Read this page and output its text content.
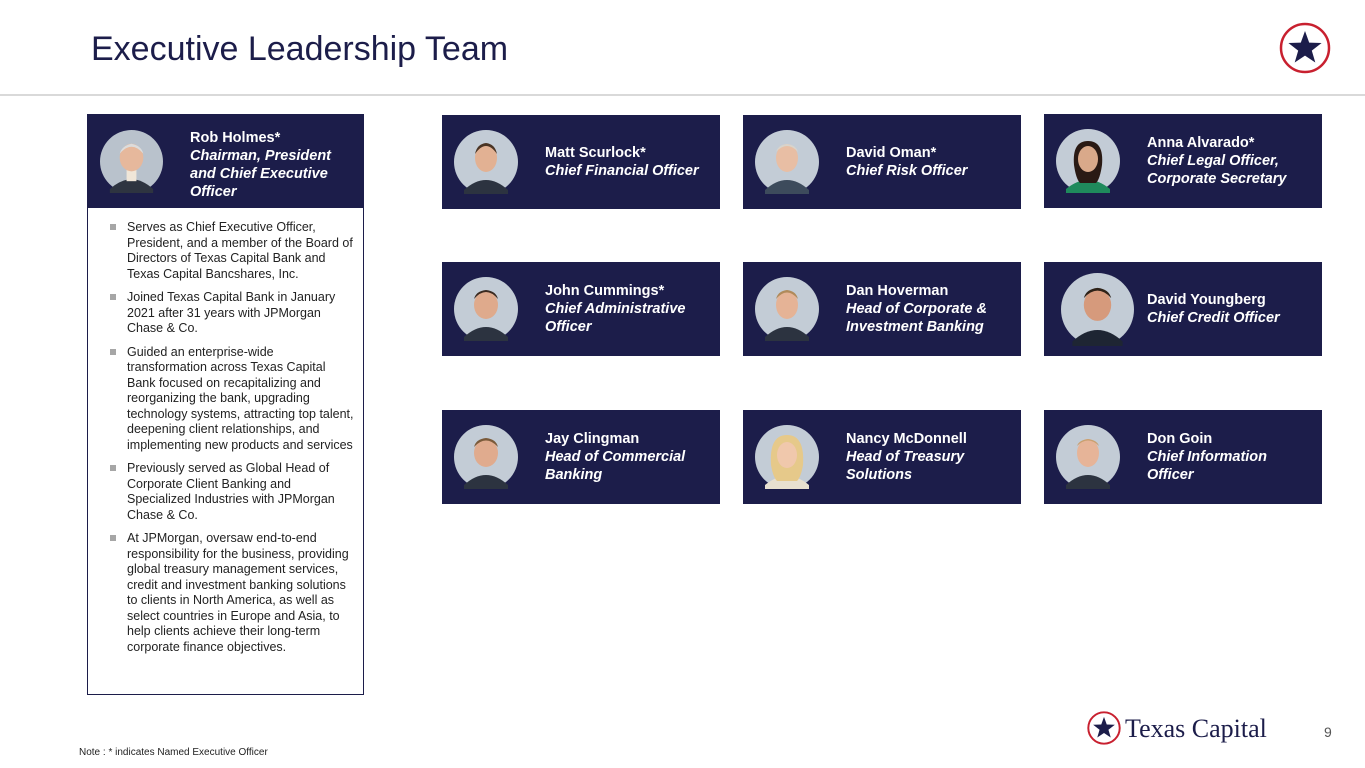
Executive Leadership Team
Rob Holmes*
Chairman, President and Chief Executive Officer
Serves as Chief Executive Officer, President, and a member of the Board of Directors of Texas Capital Bank and Texas Capital Bancshares, Inc.
Joined Texas Capital Bank in January 2021 after 31 years with JPMorgan Chase & Co.
Guided an enterprise-wide transformation across Texas Capital Bank focused on recapitalizing and reorganizing the bank, upgrading technology systems, attracting top talent, deepening client relationships, and implementing new products and services
Previously served as Global Head of Corporate Client Banking and Specialized Industries with JPMorgan Chase & Co.
At JPMorgan, oversaw end-to-end responsibility for the business, providing global treasury management services, credit and investment banking solutions to clients in North America, as well as select countries in Europe and Asia, to help clients achieve their long-term corporate finance objectives.
Matt Scurlock*
Chief Financial Officer
David Oman*
Chief Risk Officer
Anna Alvarado*
Chief Legal Officer, Corporate Secretary
John Cummings*
Chief Administrative Officer
Dan Hoverman
Head of Corporate & Investment Banking
David Youngberg
Chief Credit Officer
Jay Clingman
Head of Commercial Banking
Nancy McDonnell
Head of Treasury Solutions
Don Goin
Chief Information Officer
Texas Capital	9
Note : * indicates Named Executive Officer
